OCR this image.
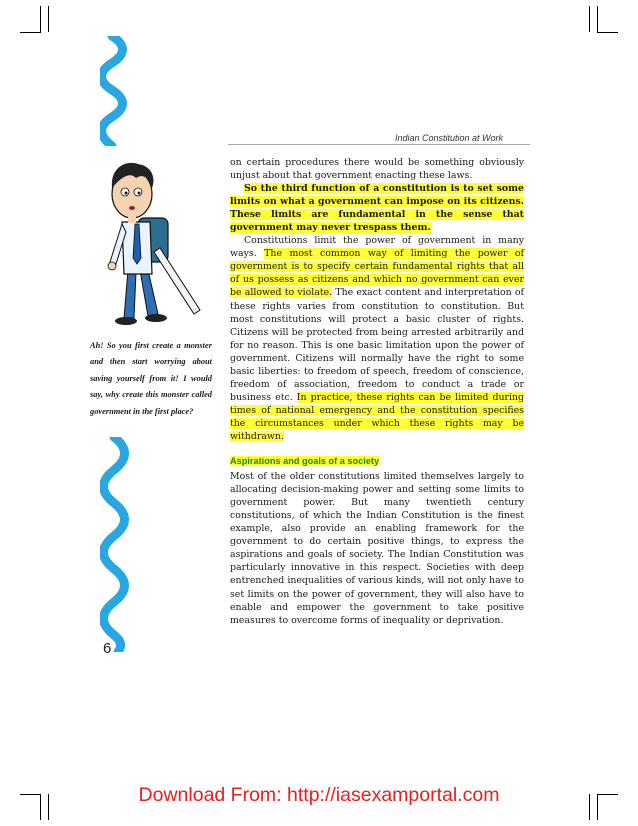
Indian Constitution at Work
Ah! So you first create a monster and then start worrying about saving yourself from it! I would say, why create this monster called government in the first place?
6

on certain procedures there would be something obviously unjust about that government enacting these laws.

So the third function of a constitution is to set some limits on what a government can impose on its citizens. These limits are fundamental in the sense that government may never trespass them.

Constitutions limit the power of government in many ways. The most common way of limiting the power of government is to specify certain fundamental rights that all of us possess as citizens and which no government can ever be allowed to violate. The exact content and interpretation of these rights varies from constitution to constitution. But most constitutions will protect a basic cluster of rights. Citizens will be protected from being arrested arbitrarily and for no reason. This is one basic limitation upon the power of government. Citizens will normally have the right to some basic liberties: to freedom of speech, freedom of conscience, freedom of association, freedom to conduct a trade or business etc. In practice, these rights can be limited during times of national emergency and the constitution specifies the circumstances under which these rights may be withdrawn.

Aspirations and goals of a society

Most of the older constitutions limited themselves largely to allocating decision-making power and setting some limits to government power. But many twentieth century constitutions, of which the Indian Constitution is the finest example, also provide an enabling framework for the government to do certain positive things, to express the aspirations and goals of society. The Indian Constitution was particularly innovative in this respect. Societies with deep entrenched inequalities of various kinds, will not only have to set limits on the power of government, they will also have to enable and empower the government to take positive measures to overcome forms of inequality or deprivation.

Download From: http://iasexamportal.com
